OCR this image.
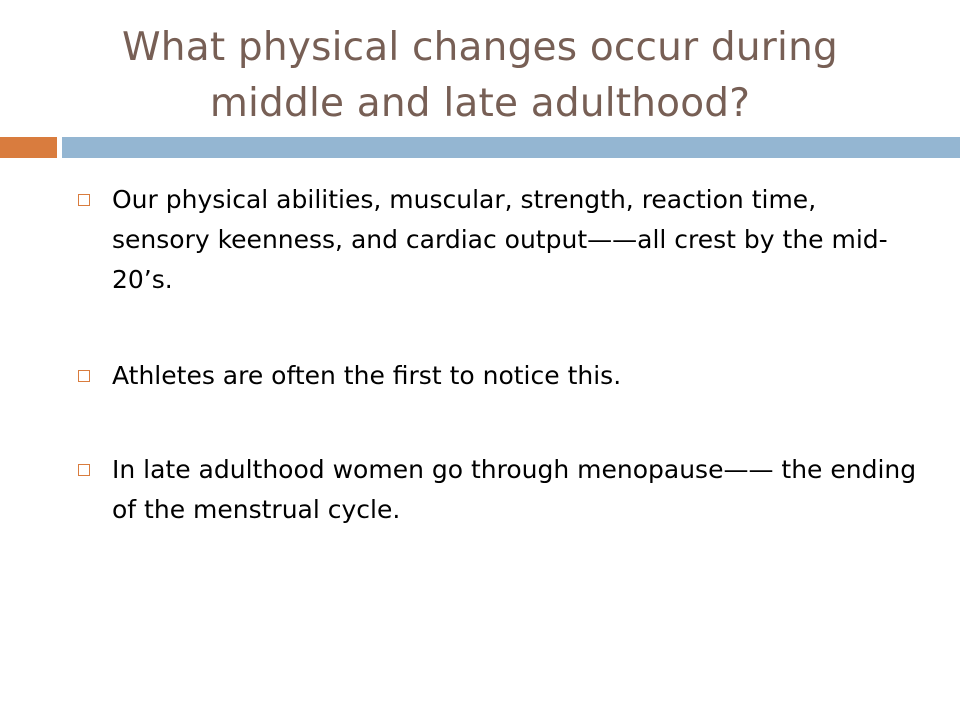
What physical changes occur during middle and late adulthood?
Our physical abilities, muscular, strength, reaction time, sensory keenness, and cardiac output——all crest by the mid-20’s.
Athletes are often the first to notice this.
In late adulthood women go through menopause—— the ending of the menstrual cycle.
